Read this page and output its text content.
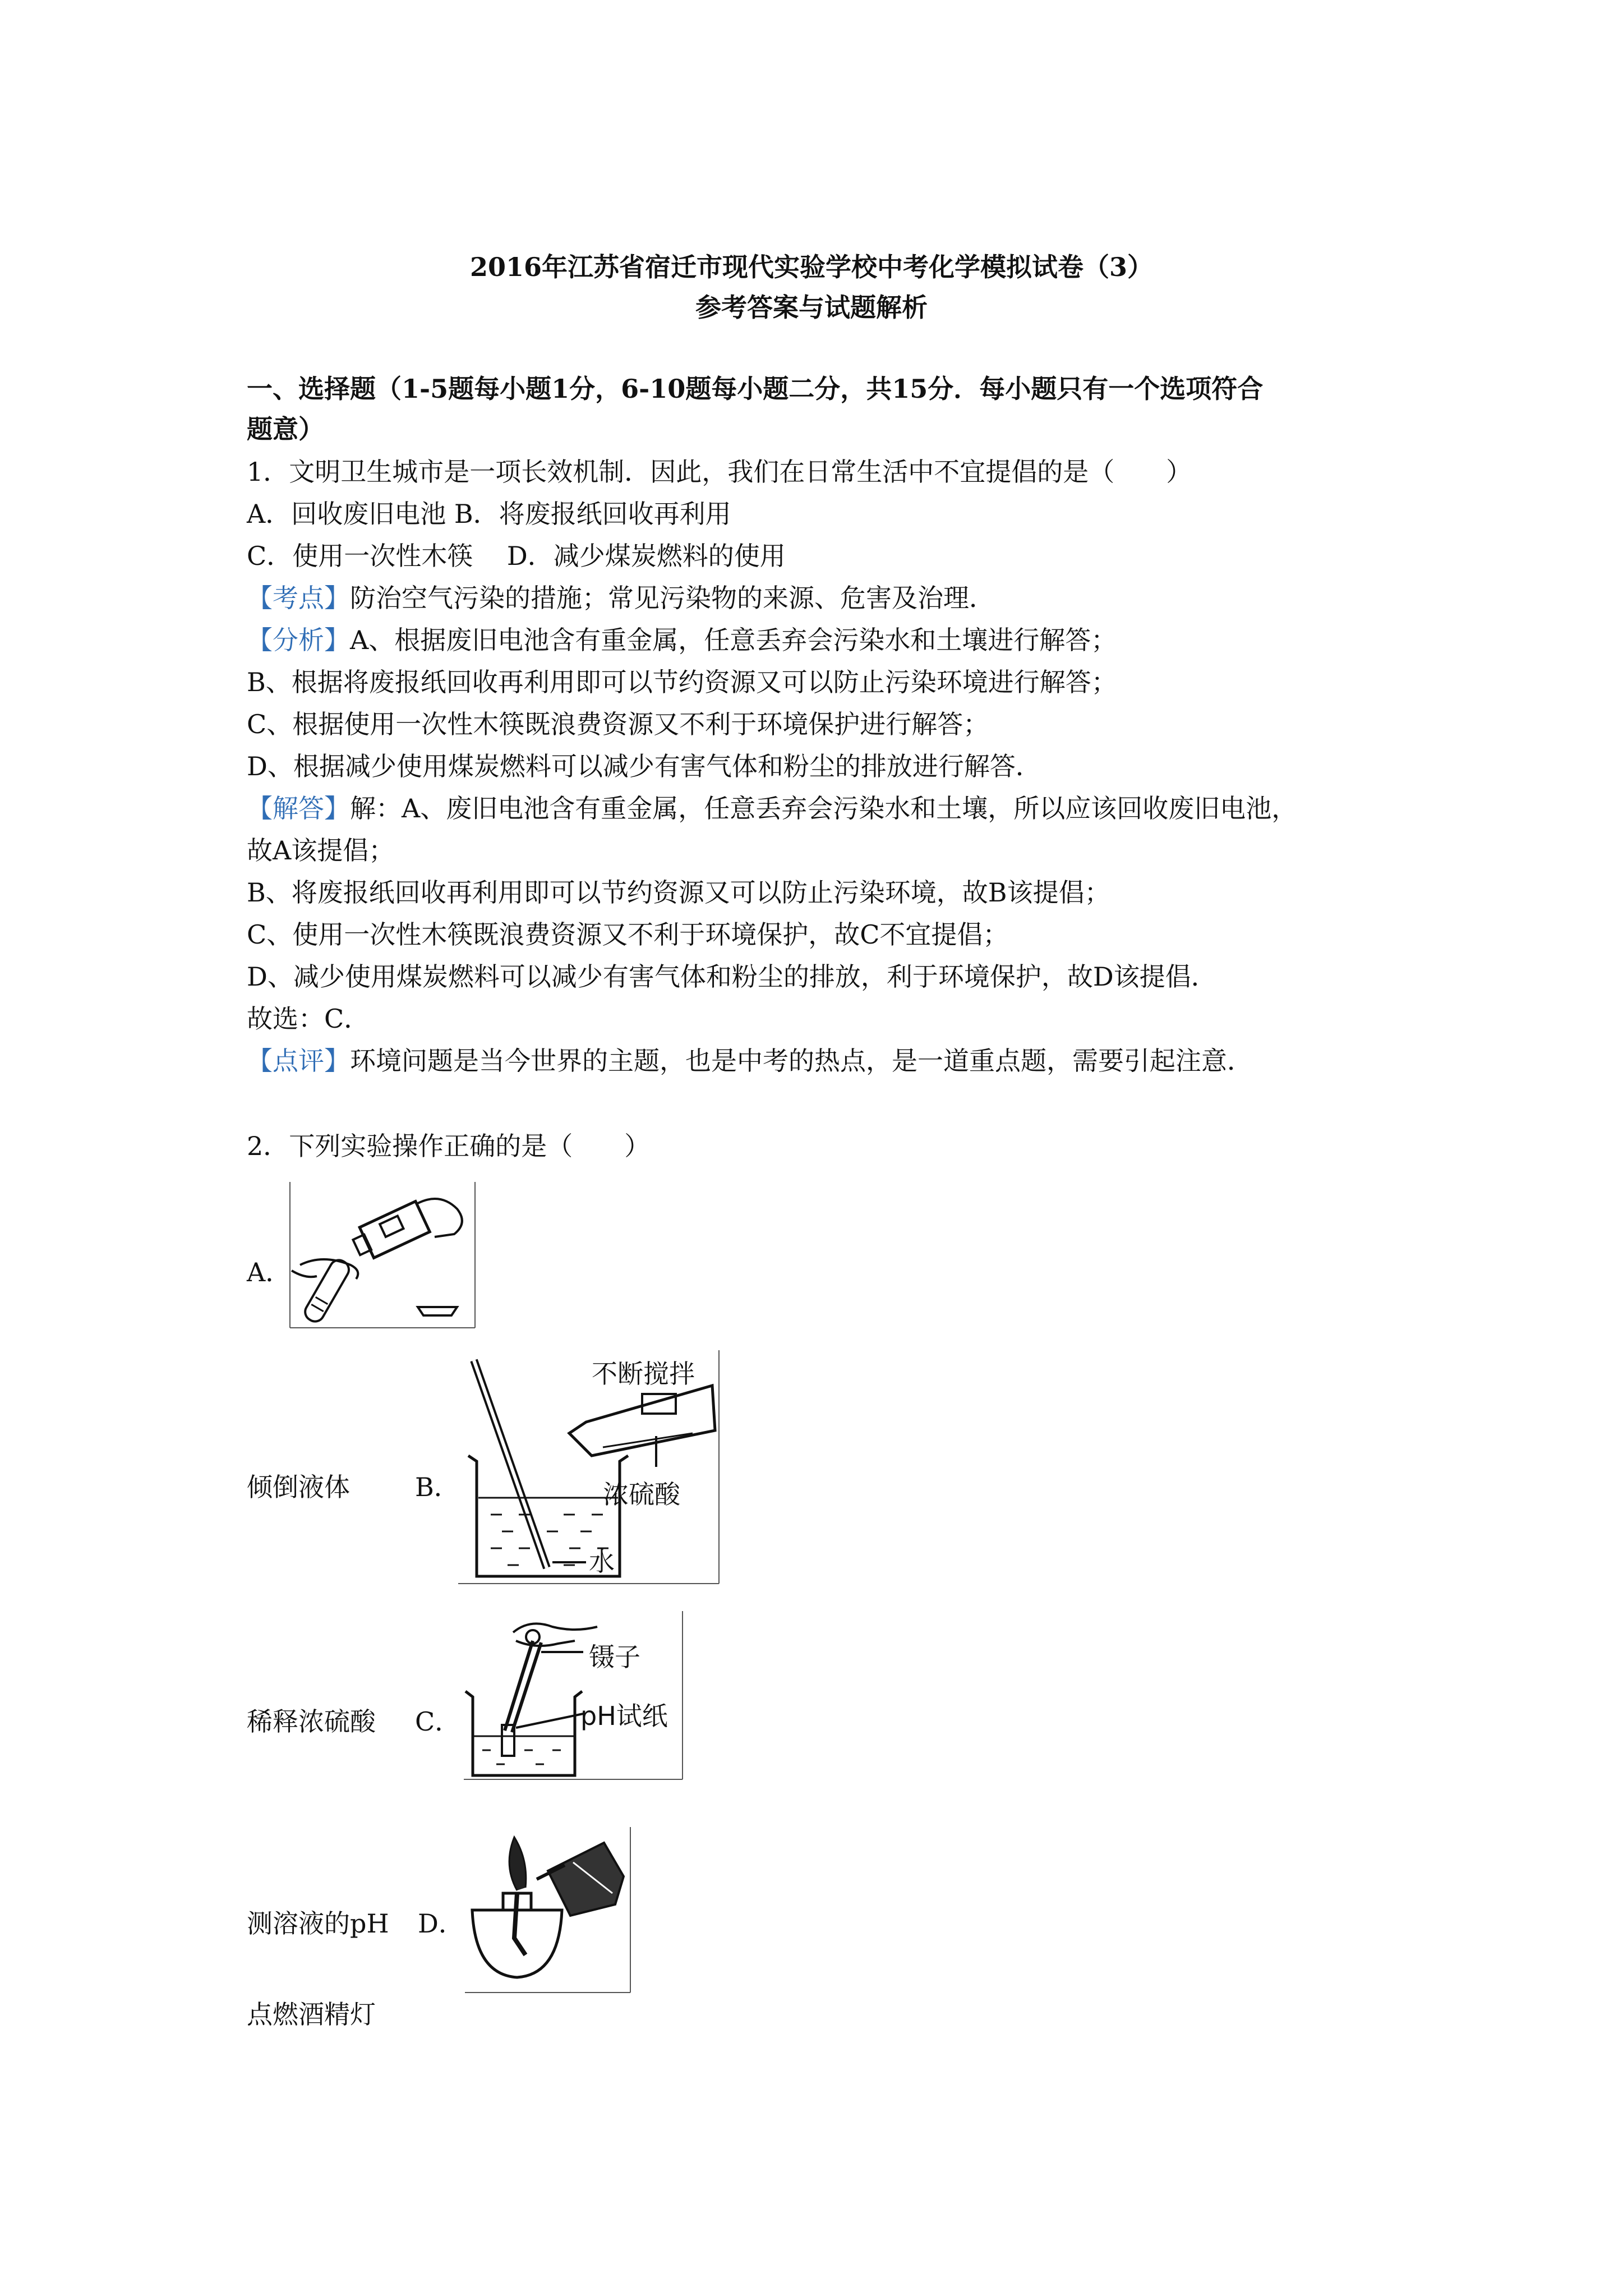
2016年江苏省宿迁市现代实验学校中考化学模拟试卷（3）
参考答案与试题解析
一、选择题（1-5题每小题1分，6-10题每小题二分，共15分．每小题只有一个选项符合
题意）
1．文明卫生城市是一项长效机制．因此，我们在日常生活中不宜提倡的是（　　）
A．回收废旧电池 B．将废报纸回收再利用
C．使用一次性木筷　 D．减少煤炭燃料的使用
【考点】防治空气污染的措施；常见污染物的来源、危害及治理．
【分析】A、根据废旧电池含有重金属，任意丢弃会污染水和土壤进行解答；
B、根据将废报纸回收再利用即可以节约资源又可以防止污染环境进行解答；
C、根据使用一次性木筷既浪费资源又不利于环境保护进行解答；
D、根据减少使用煤炭燃料可以减少有害气体和粉尘的排放进行解答．
【解答】解：A、废旧电池含有重金属，任意丢弃会污染水和土壤，所以应该回收废旧电池，
故A该提倡；
B、将废报纸回收再利用即可以节约资源又可以防止污染环境，故B该提倡；
C、使用一次性木筷既浪费资源又不利于环境保护，故C不宜提倡；
D、减少使用煤炭燃料可以减少有害气体和粉尘的排放，利于环境保护，故D该提倡．
故选：C．
【点评】环境问题是当今世界的主题，也是中考的热点，是一道重点题，需要引起注意．
2．下列实验操作正确的是（　　）
A．
倾倒液体	B．
不断搅拌
浓硫酸
水
稀释浓硫酸 C．
镊子
pH试纸
测溶液的pH D．
点燃酒精灯
